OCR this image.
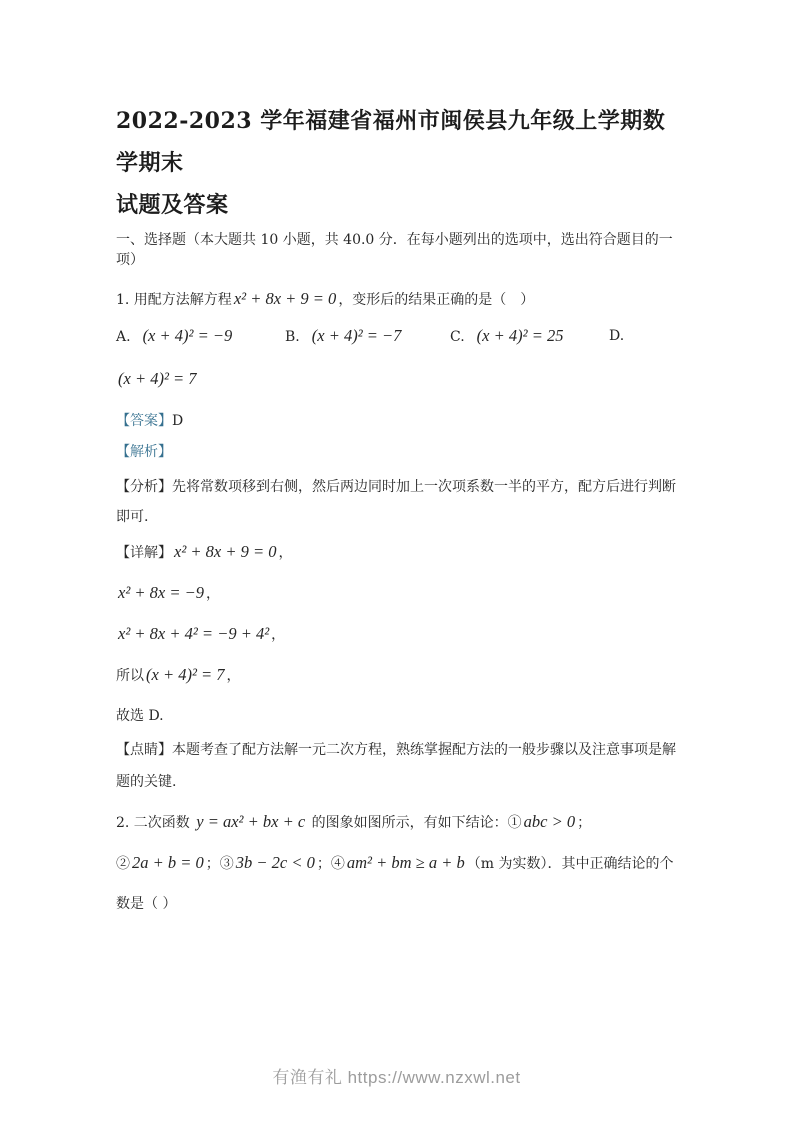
2022-2023 学年福建省福州市闽侯县九年级上学期数学期末
试题及答案

一、选择题（本大题共 10 小题，共 40.0 分．在每小题列出的选项中，选出符合题目的一项）

1. 用配方法解方程 x² + 8x + 9 = 0 ，变形后的结果正确的是（　）

A. (x + 4)² = −9	B. (x + 4)² = −7	C. (x + 4)² = 25	D.

(x + 4)² = 7

【答案】D

【解析】

【分析】先将常数项移到右侧，然后两边同时加上一次项系数一半的平方，配方后进行判断即可.

【详解】 x² + 8x + 9 = 0 ，

x² + 8x = −9 ，

x² + 8x + 4² = −9 + 4² ，

所以 (x + 4)² = 7 ，

故选 D.

【点睛】本题考查了配方法解一元二次方程，熟练掌握配方法的一般步骤以及注意事项是解题的关键.

2. 二次函数 y = ax² + bx + c 的图象如图所示，有如下结论：① abc > 0 ；② 2a + b = 0 ；③ 3b − 2c < 0 ；④ am² + bm ≥ a + b （m 为实数）．其中正确结论的个数是（ ）

有渔有礼 https://www.nzxwl.net
